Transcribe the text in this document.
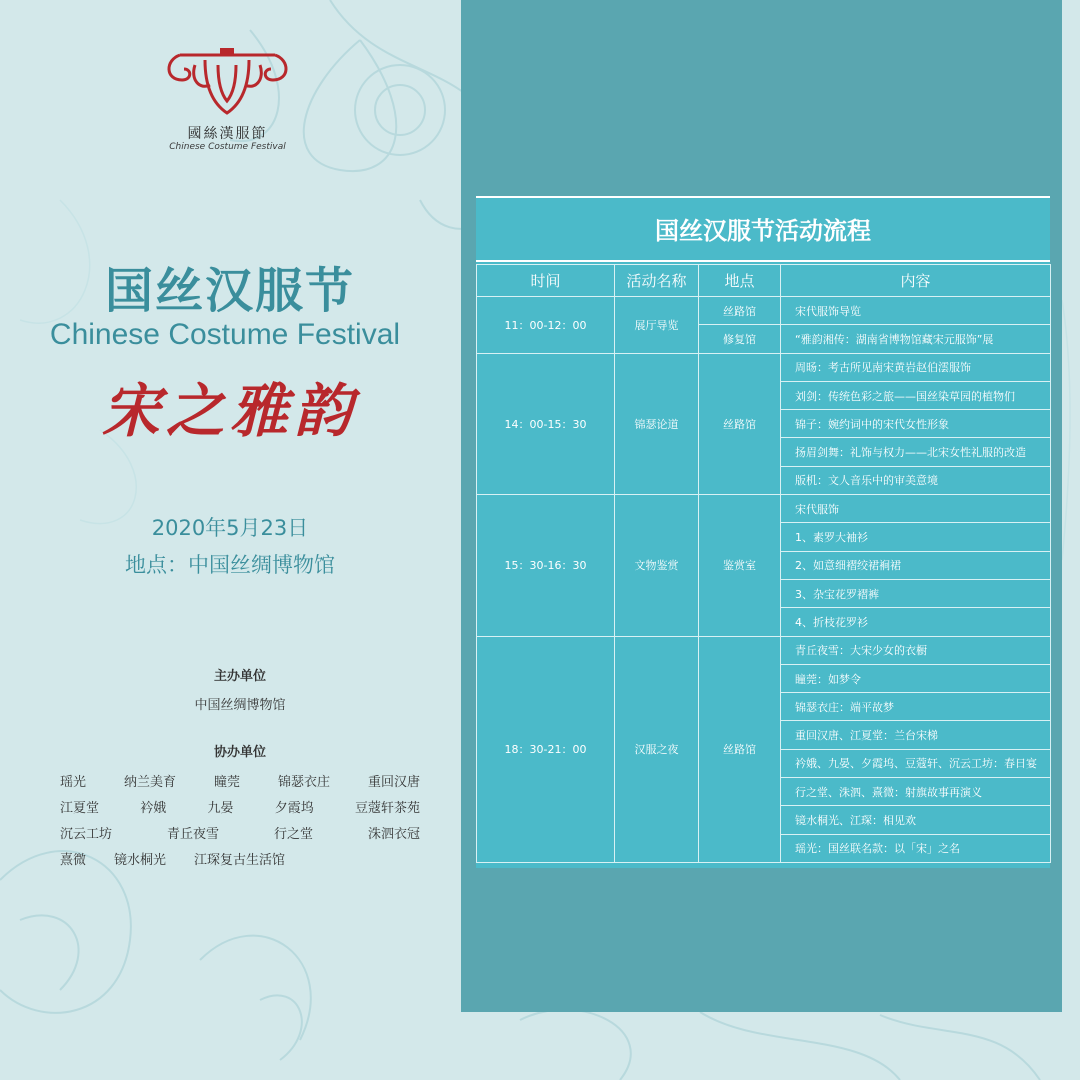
國絲漢服節
Chinese Costume Festival
国丝汉服节
Chinese Costume Festival
宋之雅韵
2020年5月23日
地点：中国丝绸博物馆
主办单位
中国丝绸博物馆
协办单位
瑶光	纳兰美育	瞳莞	锦瑟衣庄	重回汉唐
江夏堂	衿娥	九晏	夕霞坞	豆蔻轩茶苑
沉云工坊	青丘夜雪	行之堂	洙泗衣冠
熹微 镜水桐光 江琛复古生活馆
国丝汉服节活动流程
时间	活动名称	地点	内容
11：00-12：00	展厅导览	丝路馆	宋代服饰导览
		修复馆	“雅韵湘传：湖南省博物馆藏宋元服饰”展
14：00-15：30	锦瑟论道	丝路馆	周旸：考古所见南宋黄岩赵伯澐服饰
			刘剑：传统色彩之旅——国丝染草园的植物们
			锦子：婉约词中的宋代女性形象
			扬眉剑舞：礼饰与权力——北宋女性礼服的改造
			版机：文人音乐中的审美意境
15：30-16：30	文物鉴赏	鉴赏室	宋代服饰
			1、素罗大袖衫
			2、如意细褶绞裙裥裙
			3、杂宝花罗褶裤
			4、折枝花罗衫
18：30-21：00	汉服之夜	丝路馆	青丘夜雪：大宋少女的衣橱
			瞳莞：如梦令
			锦瑟衣庄：端平故梦
			重回汉唐、江夏堂：兰台宋梯
			衿娥、九晏、夕霞坞、豆蔻轩、沉云工坊：春日宴
			行之堂、洙泗、熹微：射旗故事再演义
			镜水桐光、江琛：相见欢
			瑶光：国丝联名款：以「宋」之名
